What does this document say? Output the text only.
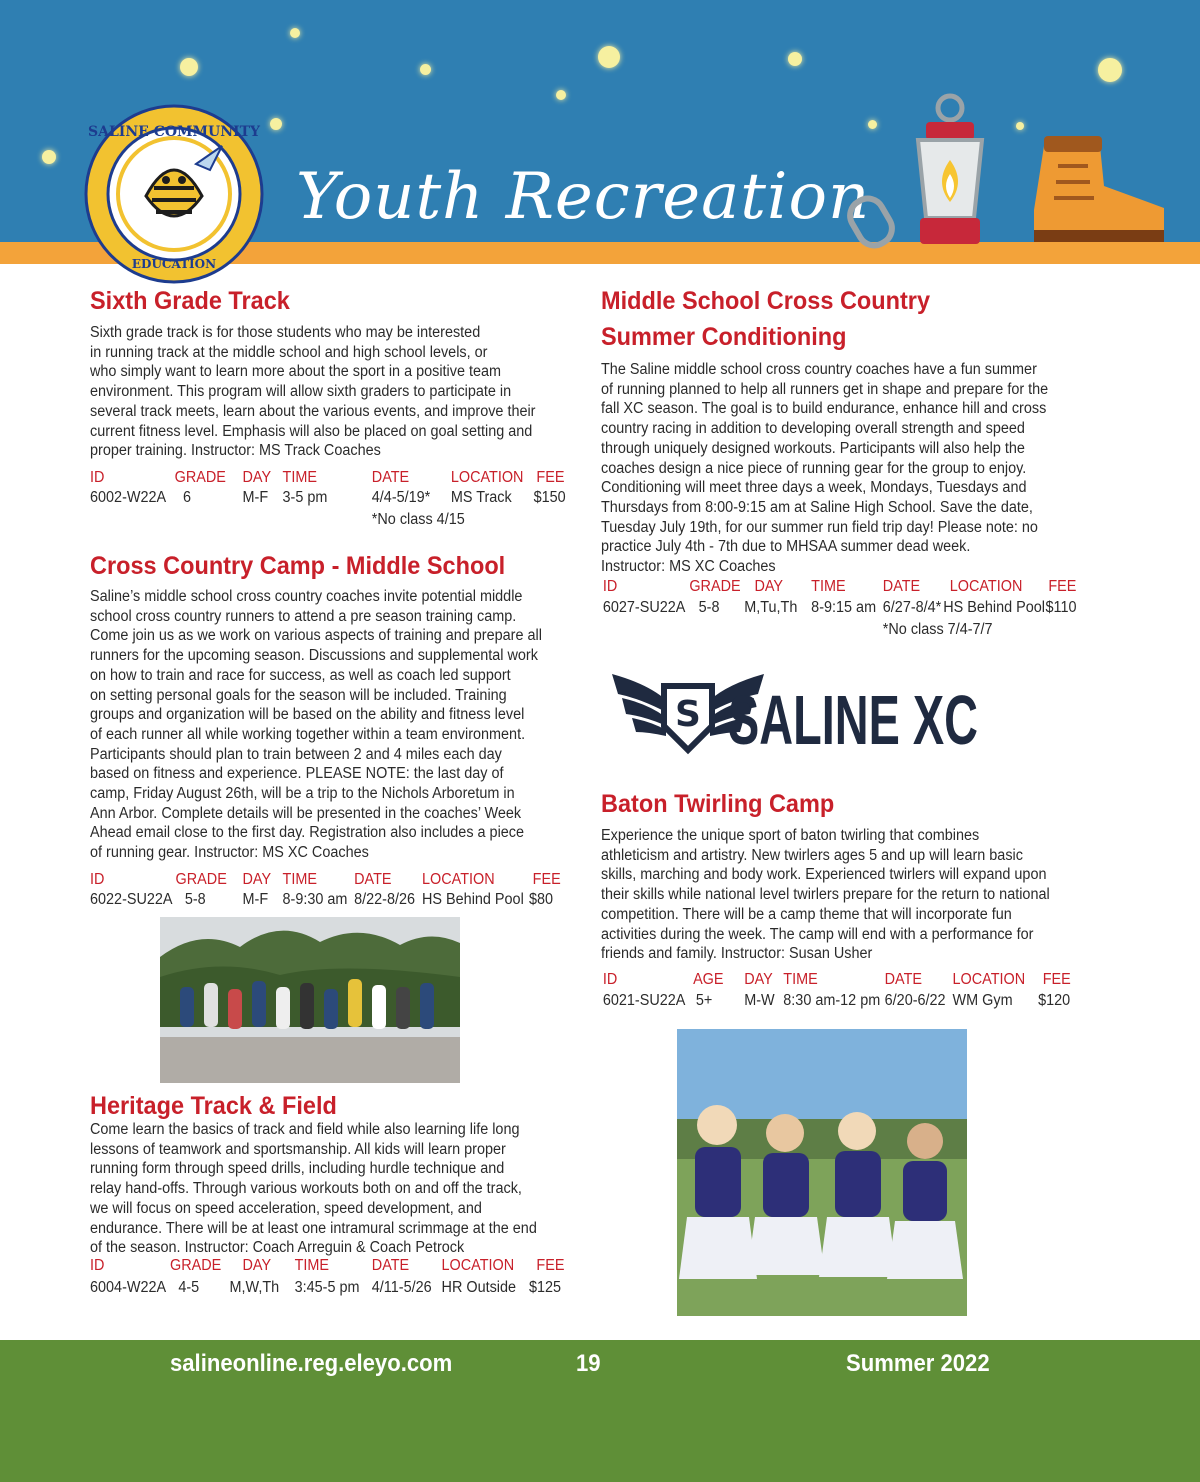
Youth Recreation
SALINE COMMUNITY
EDUCATION
Sixth Grade Track
Sixth grade track is for those students who may be interested
in running track at the middle school and high school levels, or
who simply want to learn more about the sport in a positive team
environment. This program will allow sixth graders to participate in
several track meets, learn about the various events, and improve their
current fitness level. Emphasis will also be placed on goal setting and
proper training. Instructor: MS Track Coaches
ID	GRADE DAY TIME	DATE	LOCATION FEE
6002-W22A 6	M-F 3-5 pm	4/4-5/19* MS Track $150
*No class 4/15
Cross Country Camp - Middle School
Saline’s middle school cross country coaches invite potential middle
school cross country runners to attend a pre season training camp.
Come join us as we work on various aspects of training and prepare all
runners for the upcoming season. Discussions and supplemental work
on how to train and race for success, as well as coach led support
on setting personal goals for the season will be included. Training
groups and organization will be based on the ability and fitness level
of each runner all while working together within a team environment.
Participants should plan to train between 2 and 4 miles each day
based on fitness and experience. PLEASE NOTE: the last day of
camp, Friday August 26th, will be a trip to the Nichols Arboretum in
Ann Arbor. Complete details will be presented in the coaches’ Week
Ahead email close to the first day. Registration also includes a piece
of running gear. Instructor: MS XC Coaches
ID	GRADE DAY TIME DATE LOCATION FEE
6022-SU22A 5-8 M-F 8-9:30 am 8/22-8/26 HS Behind Pool $80
Heritage Track & Field
Come learn the basics of track and field while also learning life long
lessons of teamwork and sportsmanship. All kids will learn proper
running form through speed drills, including hurdle technique and
relay hand-offs. Through various workouts both on and off the track,
we will focus on speed acceleration, speed development, and
endurance. There will be at least one intramural scrimmage at the end
of the season. Instructor: Coach Arreguin & Coach Petrock
ID	GRADE DAY TIME	DATE LOCATION FEE
6004-W22A 4-5 M,W,Th 3:45-5 pm 4/11-5/26 HR Outside $125
Middle School Cross Country
Summer Conditioning
The Saline middle school cross country coaches have a fun summer
of running planned to help all runners get in shape and prepare for the
fall XC season. The goal is to build endurance, enhance hill and cross
country racing in addition to developing overall strength and speed
through uniquely designed workouts. Participants will also help the
coaches design a nice piece of running gear for the group to enjoy.
Conditioning will meet three days a week, Mondays, Tuesdays and
Thursdays from 8:00-9:15 am at Saline High School. Save the date,
Tuesday July 19th, for our summer run field trip day! Please note: no
practice July 4th - 7th due to MHSAA summer dead week.
Instructor: MS XC Coaches
ID	GRADE DAY TIME DATE LOCATION FEE
6027-SU22A 5-8 M,Tu,Th 8-9:15 am 6/27-8/4* HS Behind Pool $110
*No class 7/4-7/7
S SALINE XC
Baton Twirling Camp
Experience the unique sport of baton twirling that combines
athleticism and artistry. New twirlers ages 5 and up will learn basic
skills, marching and body work. Experienced twirlers will expand upon
their skills while national level twirlers prepare for the return to national
competition. There will be a camp theme that will incorporate fun
activities during the week. The camp will end with a performance for
friends and family. Instructor: Susan Usher
ID	AGE DAY TIME	DATE LOCATION FEE
6021-SU22A 5+ M-W 8:30 am-12 pm 6/20-6/22 WM Gym $120
salineonline.reg.eleyo.com	19	Summer 2022
